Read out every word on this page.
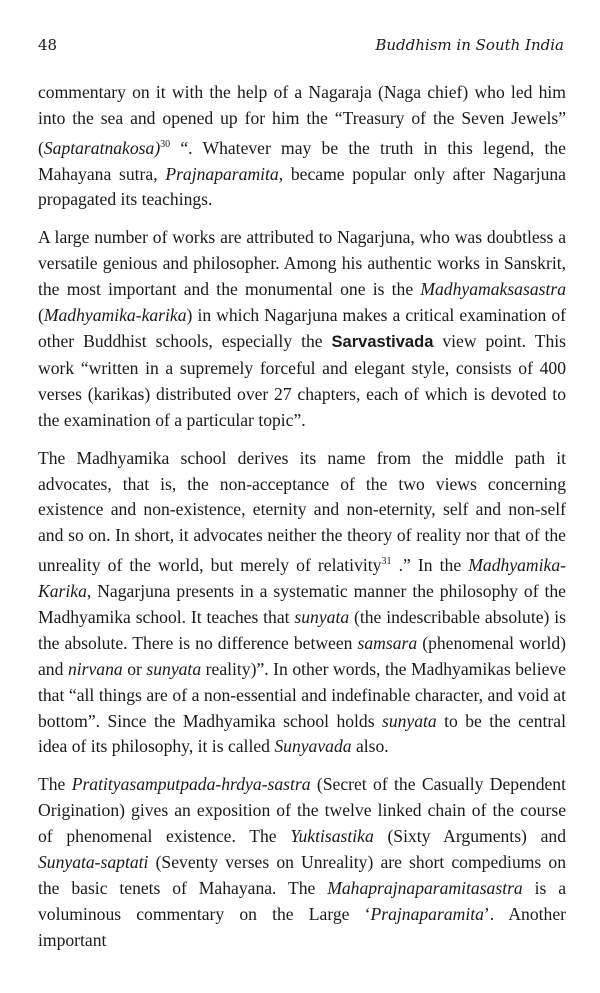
48	Buddhism in South India

commentary on it with the help of a Nagaraja (Naga chief) who led him into the sea and opened up for him the “Treasury of the Seven Jewels” (Saptaratnakosa)$^{30}$ “. Whatever may be the truth in this legend, the Mahayana sutra, Prajnaparamita, became popular only after Nagarjuna propagated its teachings.

A large number of works are attributed to Nagarjuna, who was doubtless a versatile genious and philosopher. Among his authentic works in Sanskrit, the most important and the monumental one is the Madhyamaksasastra (Madhyamika-karika) in which Nagarjuna makes a critical examination of other Buddhist schools, especially the Sarvastivada view point. This work “written in a supremely forceful and elegant style, consists of 400 verses (karikas) distributed over 27 chapters, each of which is devoted to the examination of a particular topic”.

The Madhyamika school derives its name from the middle path it advocates, that is, the non-acceptance of the two views concerning existence and non-existence, eternity and non-eternity, self and non-self and so on. In short, it advocates neither the theory of reality nor that of the unreality of the world, but merely of relativity$^{31}$ .” In the Madhyamika-Karika, Nagarjuna presents in a systematic manner the philosophy of the Madhyamika school. It teaches that sunyata (the indescribable absolute) is the absolute. There is no difference between samsara (phenomenal world) and nirvana or sunyata reality)”. In other words, the Madhyamikas believe that “all things are of a non-essential and indefinable character, and void at bottom”. Since the Madhyamika school holds sunyata to be the central idea of its philosophy, it is called Sunyavada also.

The Pratityasamputpada-hrdya-sastra (Secret of the Casually Dependent Origination) gives an exposition of the twelve linked chain of the course of phenomenal existence. The Yuktisastika (Sixty Arguments) and Sunyata-saptati (Seventy verses on Unreality) are short compediums on the basic tenets of Mahayana. The Mahaprajnaparamitasastra is a voluminous commentary on the Large ‘Prajnaparamita’. Another important
